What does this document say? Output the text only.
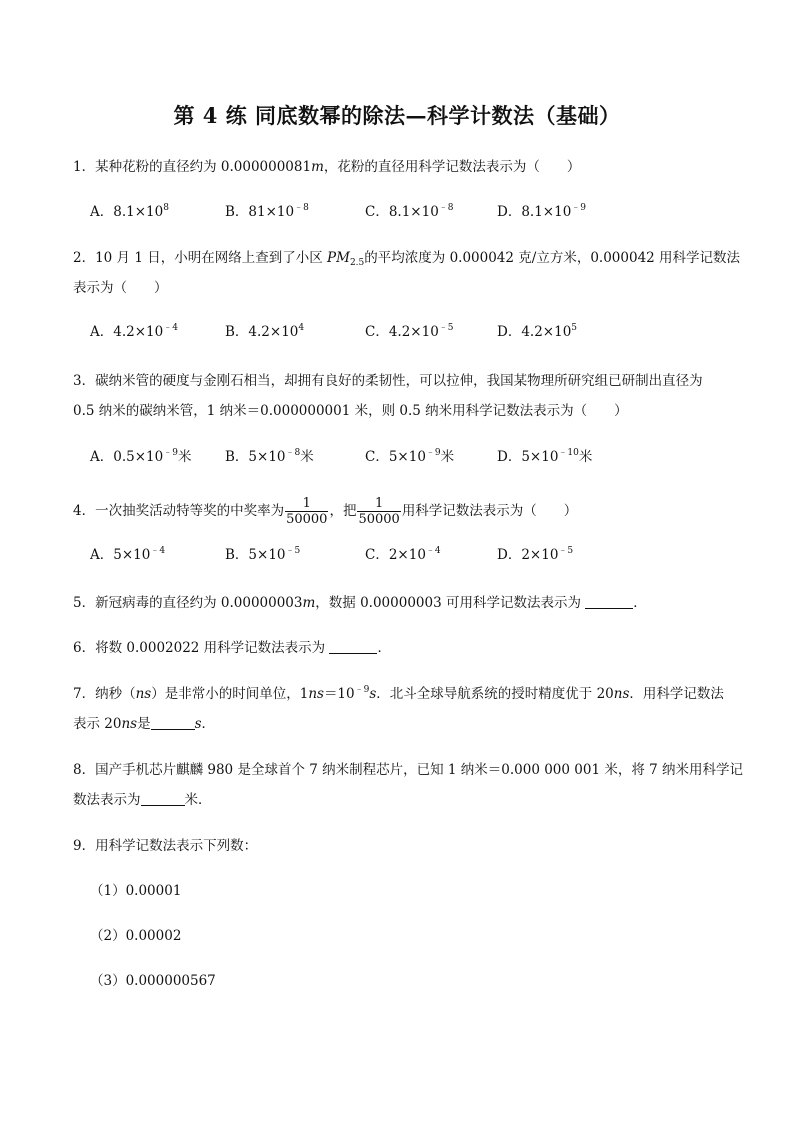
第 4 练 同底数幂的除法—科学计数法（基础）
1．某种花粉的直径约为 0.000000081m，花粉的直径用科学记数法表示为（　　）
A．$8.1\times 10^8$	B．$81\times 10^{﹣8}$	C．$8.1\times 10^{﹣8}$	D．$8.1\times 10^{﹣9}$
2．10 月 1 日，小明在网络上查到了小区 $PM_{2.5}$的平均浓度为 0.000042 克/立方米，0.000042 用科学记数法
表示为（　　）
A．$4.2\times 10^{﹣4}$	B．$4.2\times 10^4$	C．$4.2\times 10^{﹣5}$	D．$4.2\times 10^5$
3．碳纳米管的硬度与金刚石相当，却拥有良好的柔韧性，可以拉伸，我国某物理所研究组已研制出直径为
0.5 纳米的碳纳米管，1 纳米＝0.000000001 米，则 0.5 纳米用科学记数法表示为（　　）
A．$0.5\times 10^{﹣9}$米 B．$5\times 10^{﹣8}$米	C．$5\times 10^{﹣9}$米	D．$5\times 10^{﹣10}$米
4．一次抽奖活动特等奖的中奖率为 $\frac{1}{50000}$ ，把 $\frac{1}{50000}$ 用科学记数法表示为（　　）
A．$5\times 10^{﹣4}$	B．$5\times 10^{﹣5}$	C．$2\times 10^{﹣4}$	D．$2\times 10^{﹣5}$
5．新冠病毒的直径约为 0.00000003m，数据 0.00000003 可用科学记数法表示为	．
6．将数 0.0002022 用科学记数法表示为	．
7．纳秒（ns）是非常小的时间单位，$1ns=10^{﹣9}s$．北斗全球导航系统的授时精度优于 20ns．用科学记数法
表示 20ns是	s．
8．国产手机芯片麒麟 980 是全球首个 7 纳米制程芯片，已知 1 纳米＝0.000 000 001 米，将 7 纳米用科学记
数法表示为	米．
9．用科学记数法表示下列数：
（1）0.00001
（2）0.00002
（3）0.000000567
